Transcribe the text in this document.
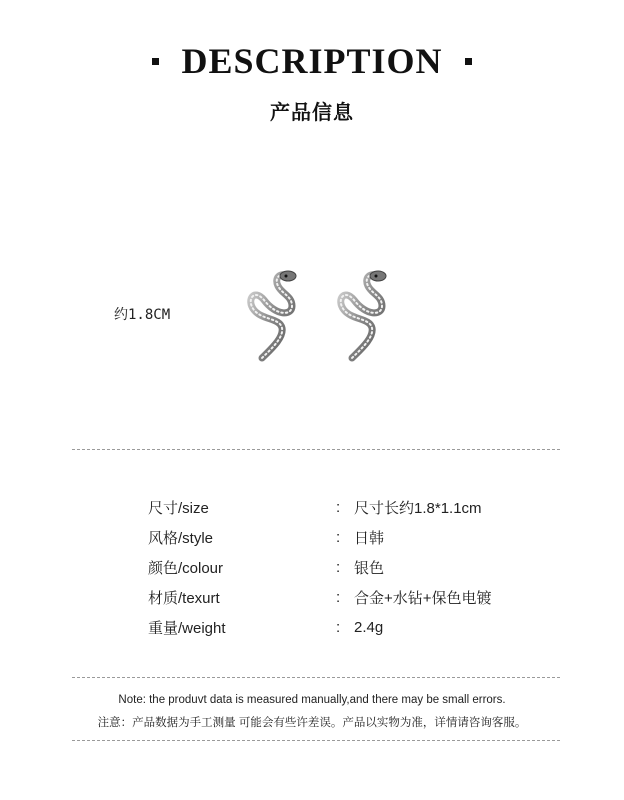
DESCRIPTION
产品信息
约1.8CM
尺寸/size	: 尺寸长约1.8*1.1cm
风格/style	: 日韩
颜色/colour	: 银色
材质/texurt	: 合金+水钻+保色电镀
重量/weight	: 2.4g
Note: the produvt data is measured manually,and there may be small errors.
注意：产品数据为手工测量 可能会有些许差误。产品以实物为准，详情请咨询客服。
